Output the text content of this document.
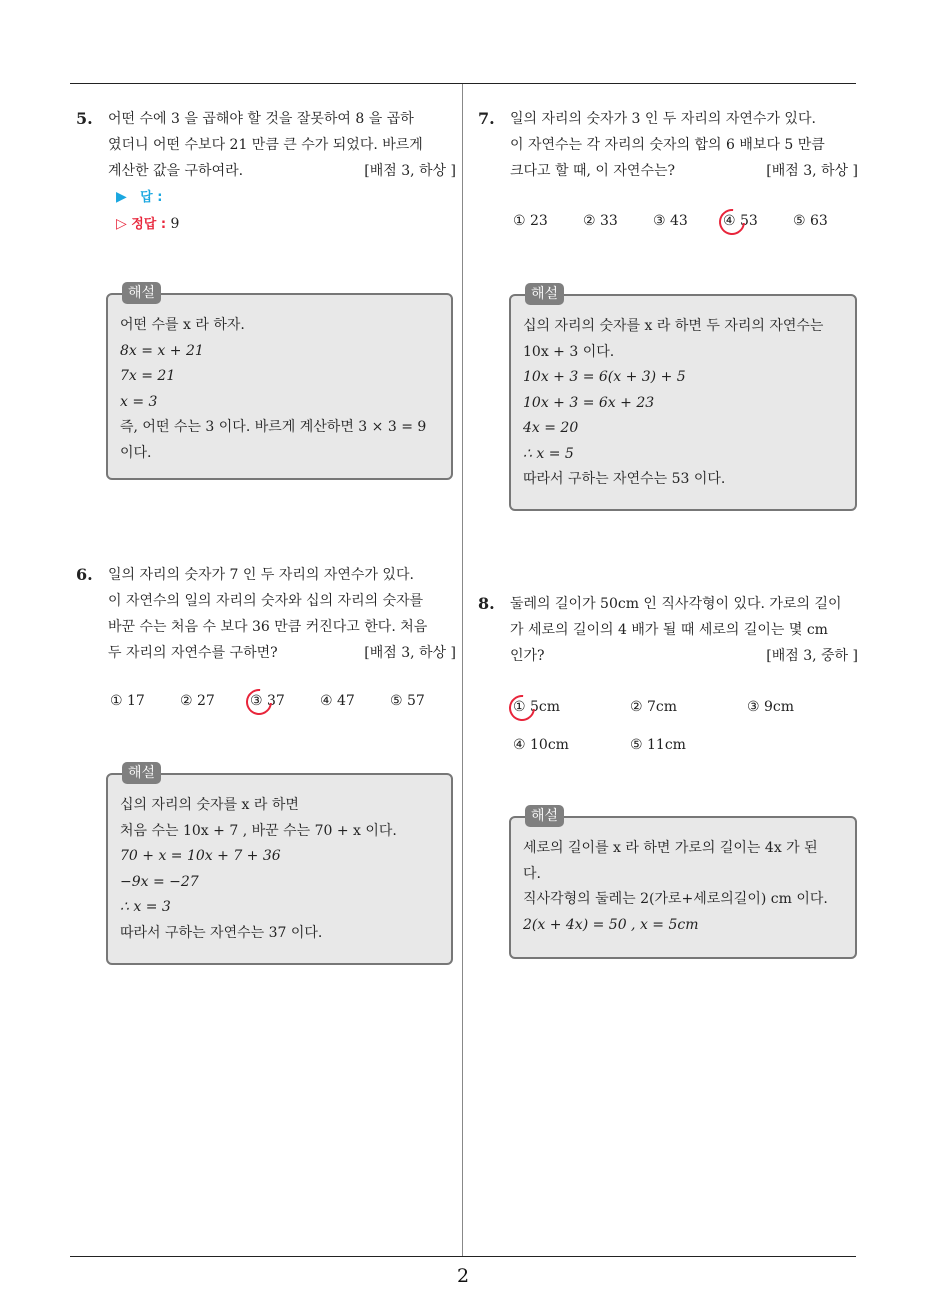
2
5. 어떤 수에 3 을 곱해야 할 것을 잘못하여 8 을 곱하

였더니 어떤 수보다 21 만큼 큰 수가 되었다. 바르게

계산한 값을 구하여라.	[배점 3, 하상 ]
▶ 답 :
▷ 정답 : 9
해설

어떤 수를 x 라 하자.

8x = x + 21

7x = 21

x = 3

즉, 어떤 수는 3 이다. 바르게 계산하면 3 × 3 = 9

이다.

6. 일의 자리의 숫자가 7 인 두 자리의 자연수가 있다.

이 자연수의 일의 자리의 숫자와 십의 자리의 숫자를

바꾼 수는 처음 수 보다 36 만큼 커진다고 한다. 처음

두 자리의 자연수를 구하면?	[배점 3, 하상 ]
① 17	② 27	③ 37	④ 47	⑤ 57
해설

십의 자리의 숫자를 x 라 하면

처음 수는 10x + 7 , 바꾼 수는 70 + x 이다.

70 + x = 10x + 7 + 36

−9x = −27

∴ x = 3

따라서 구하는 자연수는 37 이다.

7. 일의 자리의 숫자가 3 인 두 자리의 자연수가 있다.

이 자연수는 각 자리의 숫자의 합의 6 배보다 5 만큼

크다고 할 때, 이 자연수는?	[배점 3, 하상 ]
① 23	② 33	③ 43	④ 53	⑤ 63
해설

십의 자리의 숫자를 x 라 하면 두 자리의 자연수는

10x + 3 이다.

10x + 3 = 6(x + 3) + 5

10x + 3 = 6x + 23

4x = 20

∴ x = 5

따라서 구하는 자연수는 53 이다.

8. 둘레의 길이가 50cm 인 직사각형이 있다. 가로의 길이

가 세로의 길이의 4 배가 될 때 세로의 길이는 몇 cm

인가?	[배점 3, 중하 ]
① 5cm	② 7cm	③ 9cm
④ 10cm	⑤ 11cm
해설

세로의 길이를 x 라 하면 가로의 길이는 4x 가 된

다.

직사각형의 둘레는 2(가로+세로의길이) cm 이다.

2(x + 4x) = 50 , x = 5cm
